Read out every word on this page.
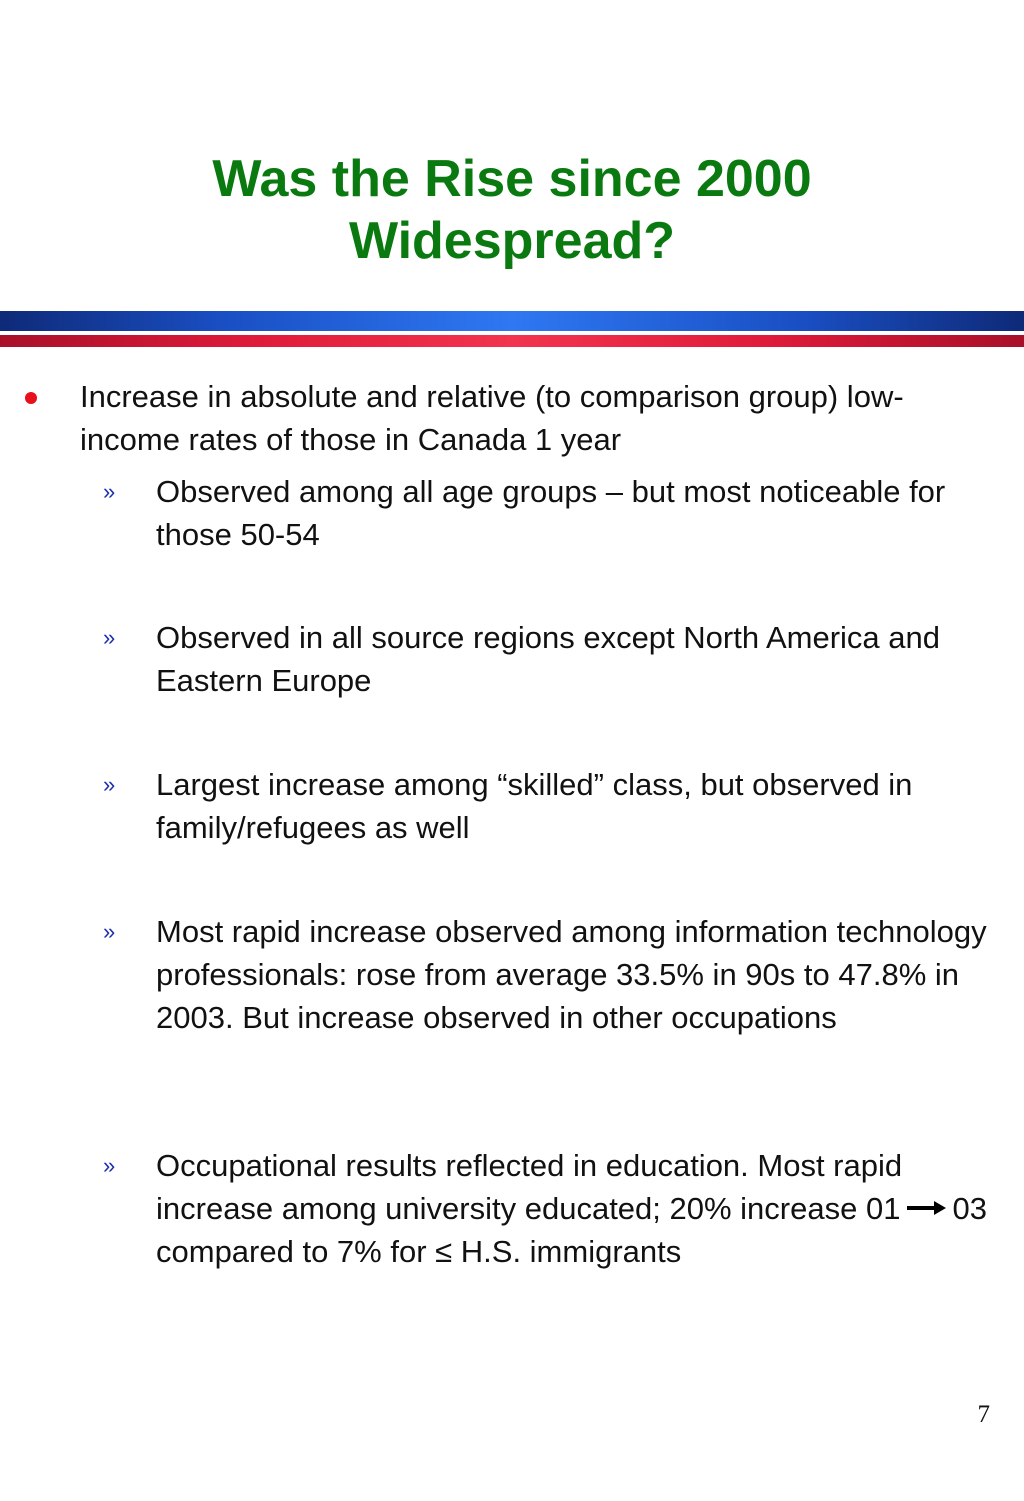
Was the Rise since 2000
Widespread?

Increase in absolute and relative (to comparison group) low-income rates of those in Canada 1 year

» Observed among all age groups – but most noticeable for those 50-54

» Observed in all source regions except North America and Eastern Europe

» Largest increase among “skilled” class, but observed in family/refugees as well

» Most rapid increase observed among information technology professionals: rose from average 33.5% in 90s to 47.8% in 2003. But increase observed in other occupations

» Occupational results reflected in education. Most rapid increase among university educated; 20% increase 01 03 compared to 7% for ≤ H.S. immigrants

7
